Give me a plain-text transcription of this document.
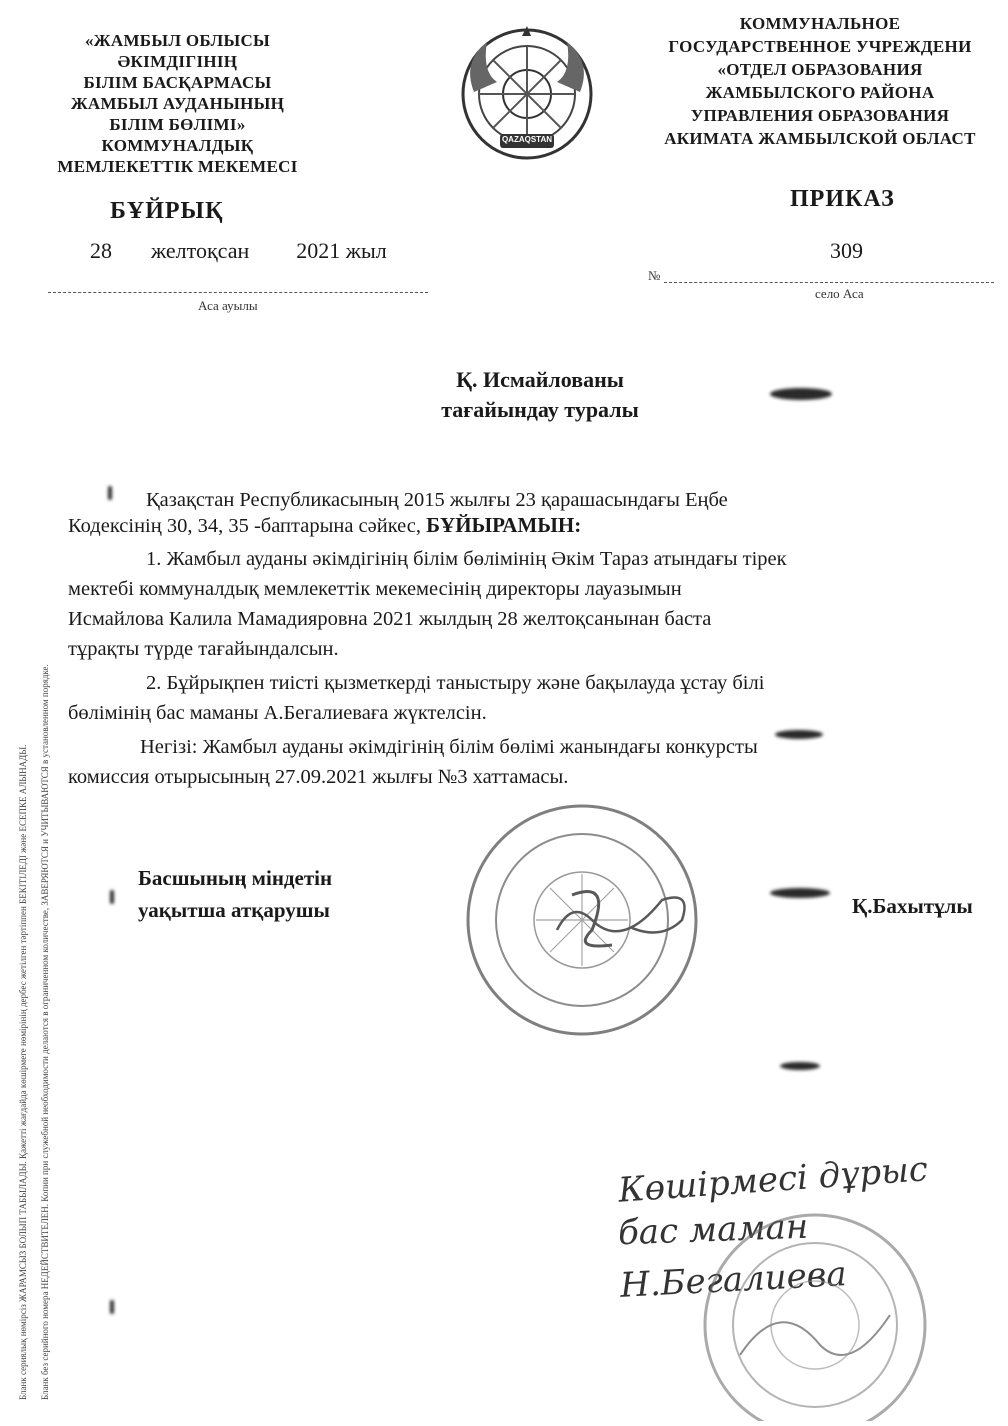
«ЖАМБЫЛ ОБЛЫСЫ
ӘКІМДІГІНІҢ
БІЛІМ БАСҚАРМАСЫ
ЖАМБЫЛ АУДАНЫНЫҢ
БІЛІМ БӨЛІМІ»
КОММУНАЛДЫҚ
МЕМЛЕКЕТТІК МЕКЕМЕСІ
БҰЙРЫҚ
28 желтоқсан 2021 жыл
Аса ауылы
QAZAQSTAN
КОММУНАЛЬНОЕ
ГОСУДАРСТВЕННОЕ УЧРЕЖДЕНИ
«ОТДЕЛ ОБРАЗОВАНИЯ
ЖАМБЫЛСКОГО РАЙОНА
УПРАВЛЕНИЯ ОБРАЗОВАНИЯ
АКИМАТА ЖАМБЫЛСКОЙ ОБЛАСТ
ПРИКАЗ
309
№
село Аса
Қ. Исмайлованы
тағайындау туралы

Қазақстан Республикасының 2015 жылғы 23 қарашасындағы Еңбе

Кодексінің 30, 34, 35 -баптарына сәйкес, БҰЙЫРАМЫН:

1. Жамбыл ауданы әкімдігінің білім бөлімінің Әкім Тараз атындағы тірек

мектебі коммуналдық мемлекеттік мекемесінің директоры лауазымын

Исмайлова Калила Мамадияровна 2021 жылдың 28 желтоқсанынан баста

тұрақты түрде тағайындалсын.

2. Бұйрықпен тиісті қызметкерді таныстыру және бақылауда ұстау білі

бөлімінің бас маманы А.Бегалиевағa жүктелсін.

Негізі: Жамбыл ауданы әкімдігінің білім бөлімі жанындағы конкурсты

комиссия отырысының 27.09.2021 жылғы №3 хаттамасы.

Басшының міндетін
уақытша атқарушы	Қ.Бахытұлы
Көшірмесі дұрыс
бас маман
Н.Бегалиева
Бланк сериялық нөмірсіз ЖАРАМСЫЗ БОЛЫП ТАБЫЛАДЫ. Қажетті жағдайда көшірмеге нөмірінің дербес жетілген тәртіппен БЕКІТІЛЕДІ және ЕСЕПКЕ АЛЫНАДЫ. Бланк без серийного номера НЕДЕЙСТВИТЕЛЕН. Копии при служебной необходимости делаются в ограниченном количестве, ЗАВЕРЯЮТСЯ и УЧИТЫВАЮТСЯ в установленном порядке.
